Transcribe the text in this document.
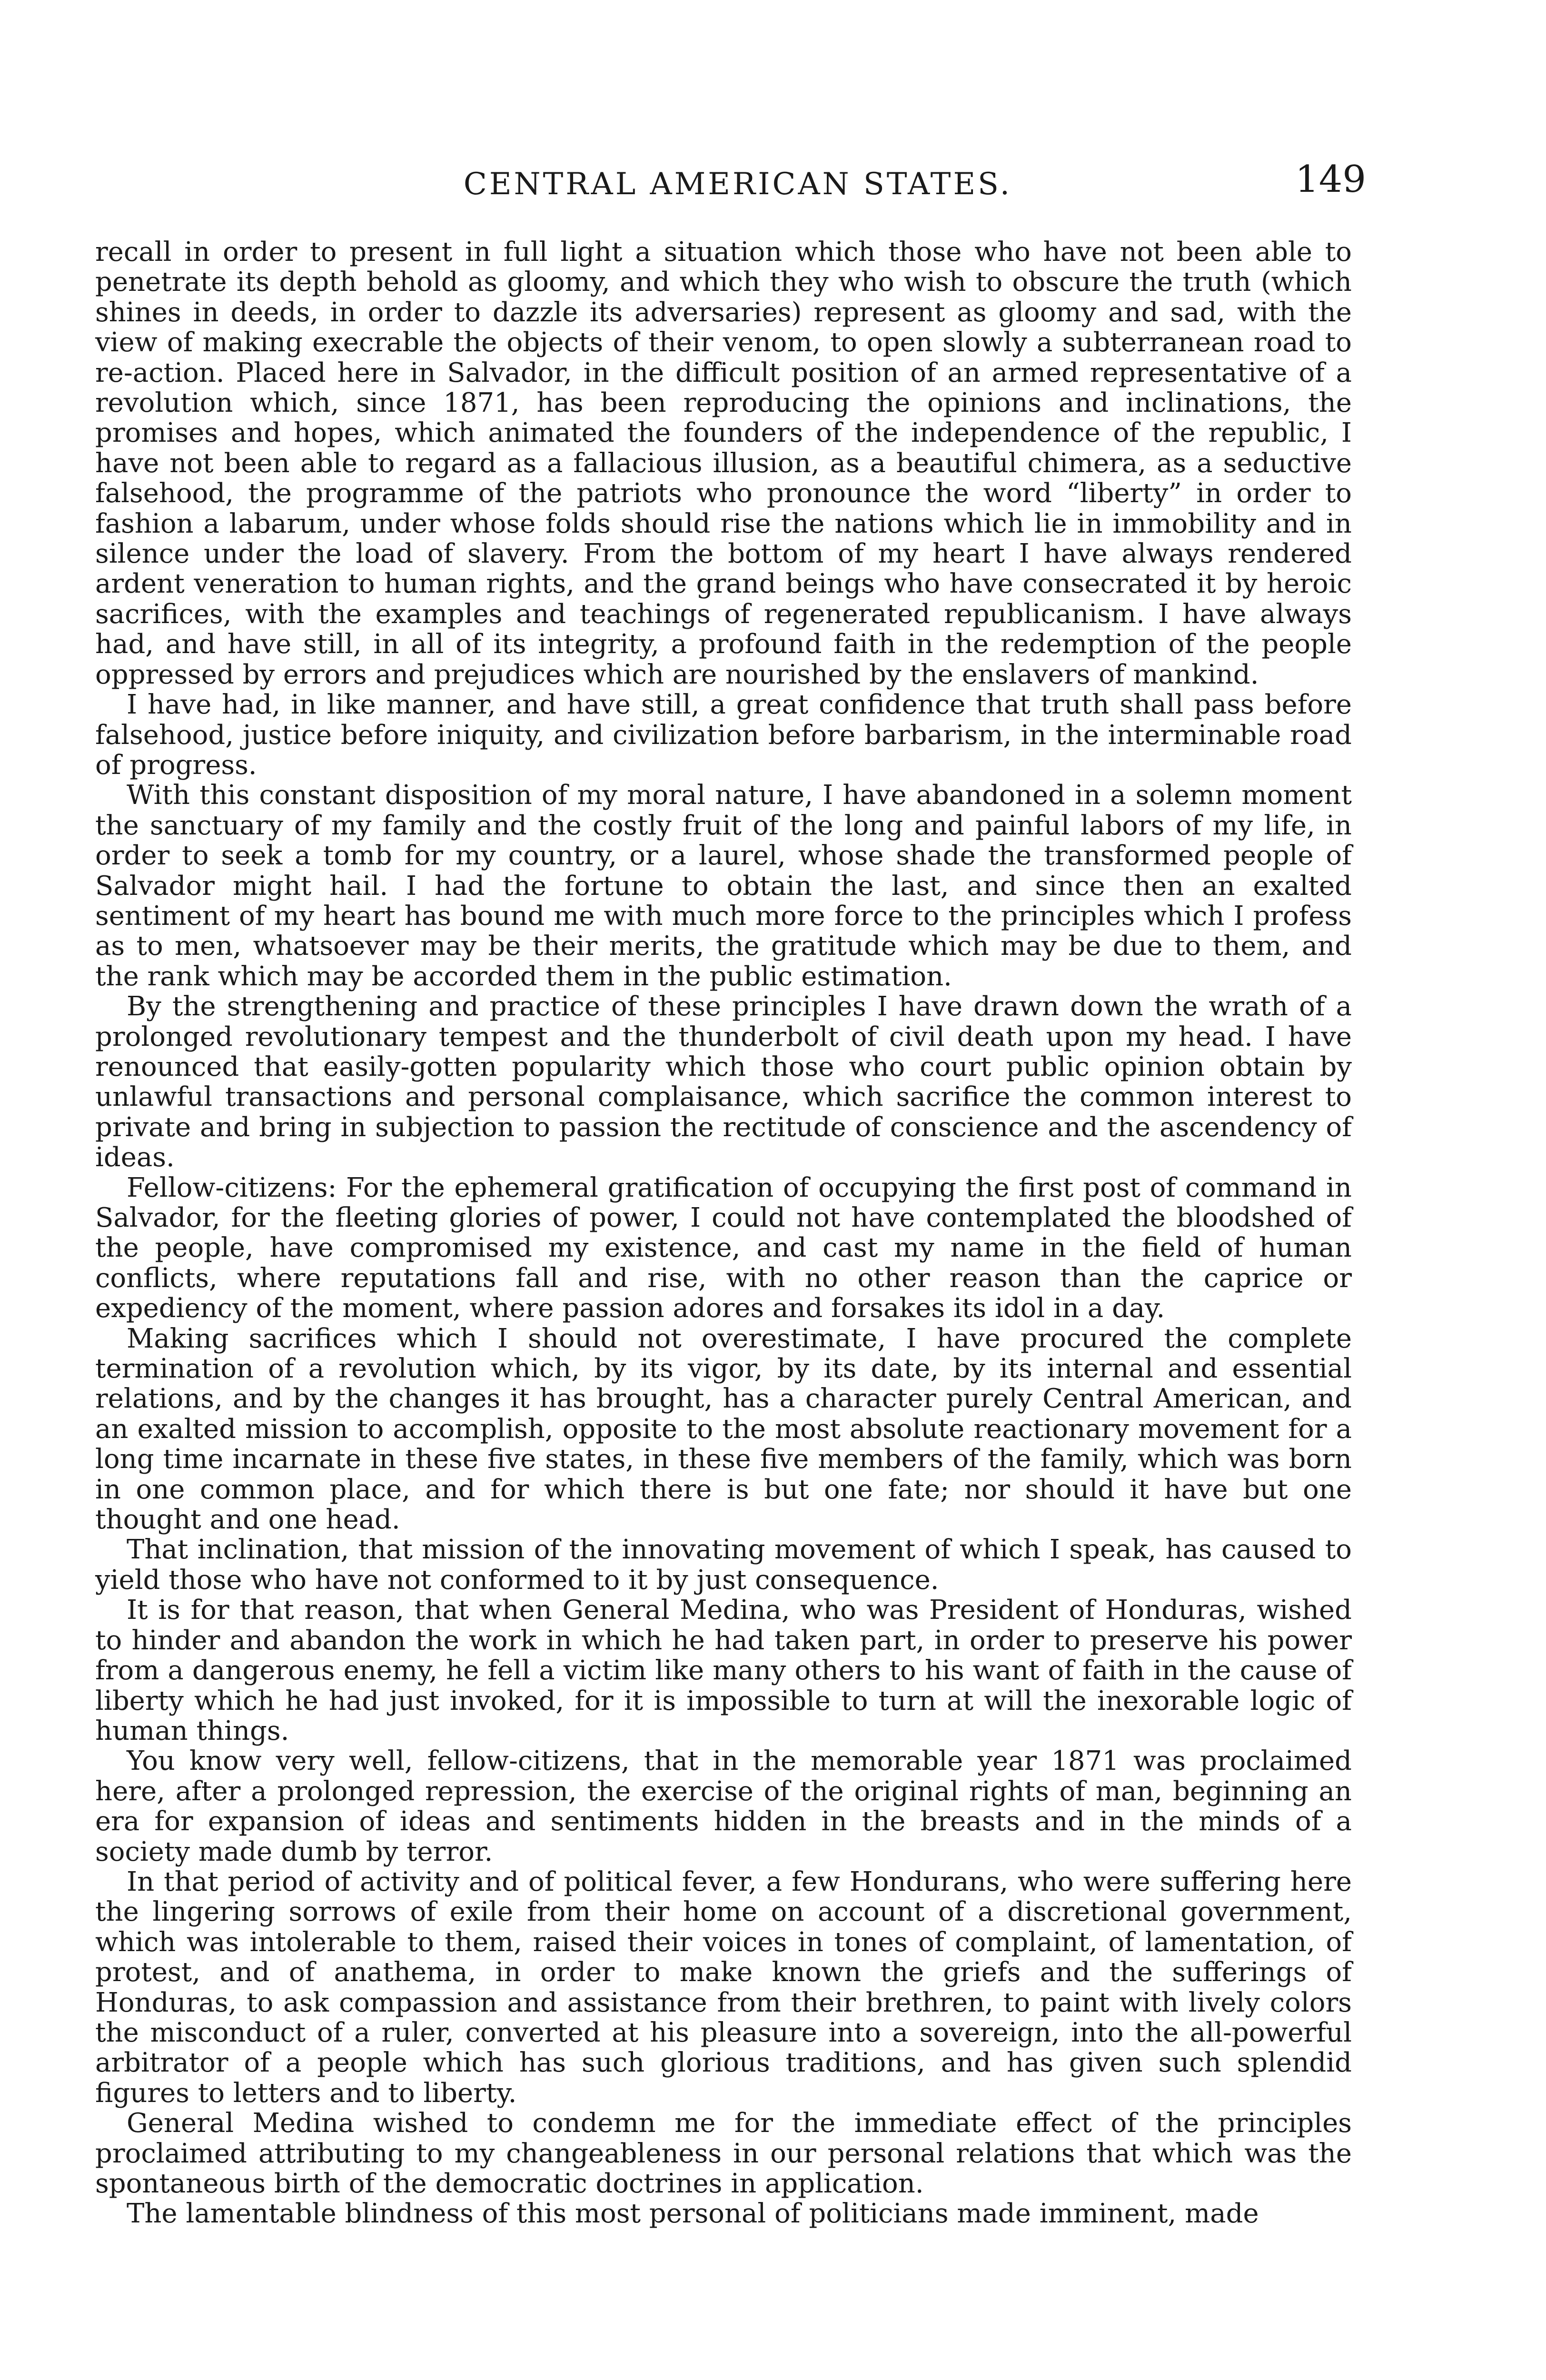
CENTRAL AMERICAN STATES.	149

recall in order to present in full light a situation which those who have not been able to penetrate its depth behold as gloomy, and which they who wish to obscure the truth (which shines in deeds, in order to dazzle its adversaries) represent as gloomy and sad, with the view of making execrable the objects of their venom, to open slowly a subterranean road to re-action. Placed here in Salvador, in the difficult position of an armed representative of a revolution which, since 1871, has been reproducing the opinions and inclinations, the promises and hopes, which animated the founders of the independence of the republic, I have not been able to regard as a fallacious illusion, as a beautiful chimera, as a seductive falsehood, the programme of the patriots who pronounce the word “liberty” in order to fashion a labarum, under whose folds should rise the nations which lie in immobility and in silence under the load of slavery. From the bottom of my heart I have always rendered ardent veneration to human rights, and the grand beings who have consecrated it by heroic sacrifices, with the examples and teachings of regenerated republicanism. I have always had, and have still, in all of its integrity, a profound faith in the redemption of the people oppressed by errors and prejudices which are nourished by the enslavers of mankind.

I have had, in like manner, and have still, a great confidence that truth shall pass before falsehood, justice before iniquity, and civilization before barbarism, in the interminable road of progress.

With this constant disposition of my moral nature, I have abandoned in a solemn moment the sanctuary of my family and the costly fruit of the long and painful labors of my life, in order to seek a tomb for my country, or a laurel, whose shade the transformed people of Salvador might hail. I had the fortune to obtain the last, and since then an exalted sentiment of my heart has bound me with much more force to the principles which I profess as to men, whatsoever may be their merits, the gratitude which may be due to them, and the rank which may be accorded them in the public estimation.

By the strengthening and practice of these principles I have drawn down the wrath of a prolonged revolutionary tempest and the thunderbolt of civil death upon my head. I have renounced that easily-gotten popularity which those who court public opinion obtain by unlawful transactions and personal complaisance, which sacrifice the common interest to private and bring in subjection to passion the rectitude of conscience and the ascendency of ideas.

Fellow-citizens: For the ephemeral gratification of occupying the first post of command in Salvador, for the fleeting glories of power, I could not have contemplated the bloodshed of the people, have compromised my existence, and cast my name in the field of human conflicts, where reputations fall and rise, with no other reason than the caprice or expediency of the moment, where passion adores and forsakes its idol in a day.

Making sacrifices which I should not overestimate, I have procured the complete termination of a revolution which, by its vigor, by its date, by its internal and essential relations, and by the changes it has brought, has a character purely Central American, and an exalted mission to accomplish, opposite to the most absolute reactionary movement for a long time incarnate in these five states, in these five members of the family, which was born in one common place, and for which there is but one fate; nor should it have but one thought and one head.

That inclination, that mission of the innovating movement of which I speak, has caused to yield those who have not conformed to it by just consequence.

It is for that reason, that when General Medina, who was President of Honduras, wished to hinder and abandon the work in which he had taken part, in order to preserve his power from a dangerous enemy, he fell a victim like many others to his want of faith in the cause of liberty which he had just invoked, for it is impossible to turn at will the inexorable logic of human things.

You know very well, fellow-citizens, that in the memorable year 1871 was proclaimed here, after a prolonged repression, the exercise of the original rights of man, beginning an era for expansion of ideas and sentiments hidden in the breasts and in the minds of a society made dumb by terror.

In that period of activity and of political fever, a few Hondurans, who were suffering here the lingering sorrows of exile from their home on account of a discretional government, which was intolerable to them, raised their voices in tones of complaint, of lamentation, of protest, and of anathema, in order to make known the griefs and the sufferings of Honduras, to ask compassion and assistance from their brethren, to paint with lively colors the misconduct of a ruler, converted at his pleasure into a sovereign, into the all-powerful arbitrator of a people which has such glorious traditions, and has given such splendid figures to letters and to liberty.

General Medina wished to condemn me for the immediate effect of the principles proclaimed attributing to my changeableness in our personal relations that which was the spontaneous birth of the democratic doctrines in application.

The lamentable blindness of this most personal of politicians made imminent, made
